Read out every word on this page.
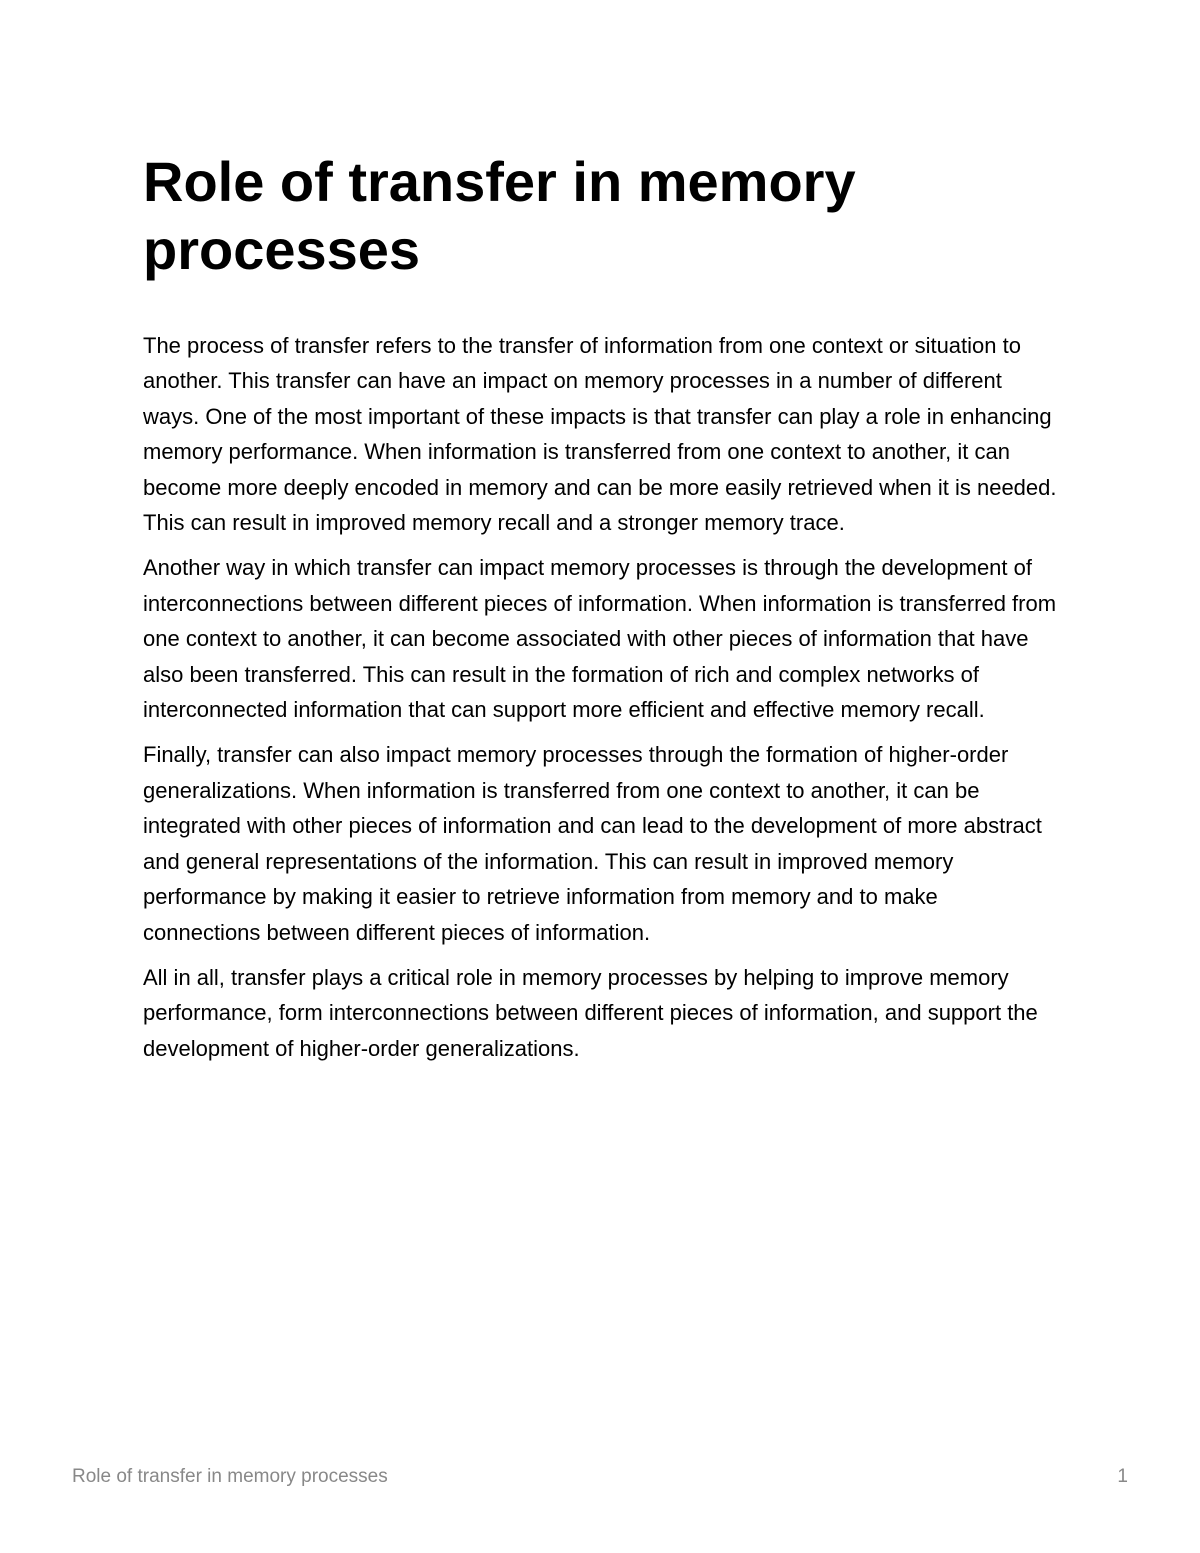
Role of transfer in memory processes

The process of transfer refers to the transfer of information from one context or situation to another. This transfer can have an impact on memory processes in a number of different ways. One of the most important of these impacts is that transfer can play a role in enhancing memory performance. When information is transferred from one context to another, it can become more deeply encoded in memory and can be more easily retrieved when it is needed. This can result in improved memory recall and a stronger memory trace.

Another way in which transfer can impact memory processes is through the development of interconnections between different pieces of information. When information is transferred from one context to another, it can become associated with other pieces of information that have also been transferred. This can result in the formation of rich and complex networks of interconnected information that can support more efficient and effective memory recall.

Finally, transfer can also impact memory processes through the formation of higher-order generalizations. When information is transferred from one context to another, it can be integrated with other pieces of information and can lead to the development of more abstract and general representations of the information. This can result in improved memory performance by making it easier to retrieve information from memory and to make connections between different pieces of information.

All in all, transfer plays a critical role in memory processes by helping to improve memory performance, form interconnections between different pieces of information, and support the development of higher-order generalizations.

Role of transfer in memory processes	1
